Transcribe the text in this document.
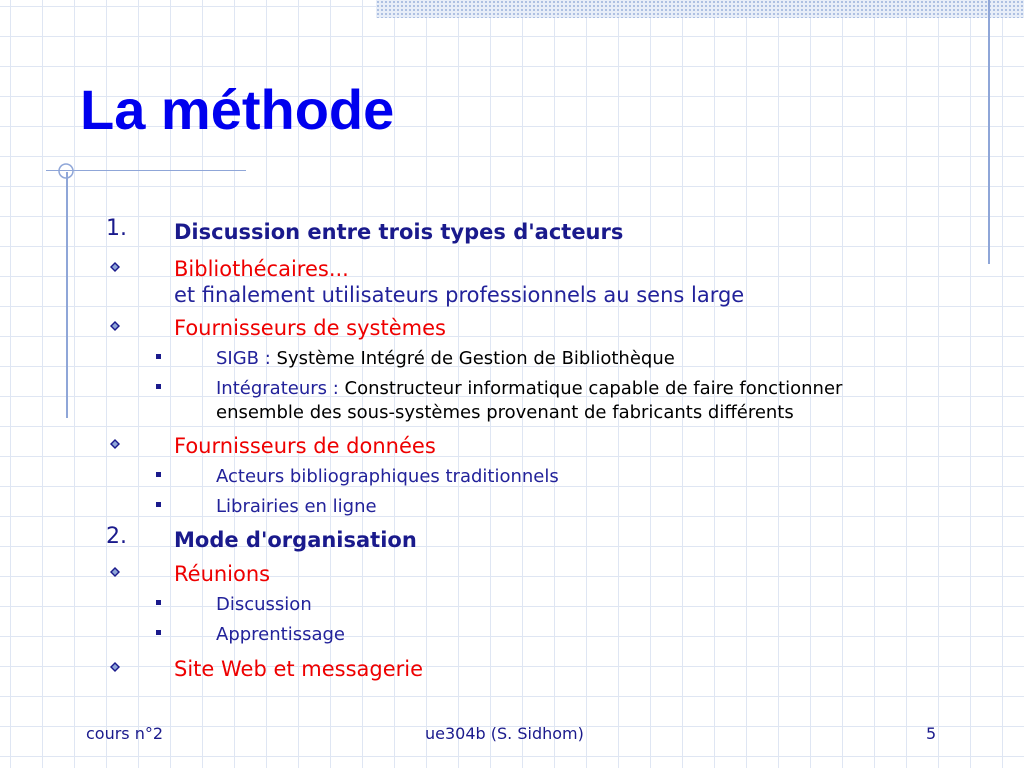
La méthode
1. Discussion entre trois types d'acteurs
Bibliothécaires...
et finalement utilisateurs professionnels au sens large
Fournisseurs de systèmes
SIGB : Système Intégré de Gestion de Bibliothèque
Intégrateurs : Constructeur informatique capable de faire fonctionner ensemble des sous-systèmes provenant de fabricants différents
Fournisseurs de données
Acteurs bibliographiques traditionnels
Librairies en ligne
2. Mode d'organisation
Réunions
Discussion
Apprentissage
Site Web et messagerie
cours n°2	ue304b (S. Sidhom)	5
